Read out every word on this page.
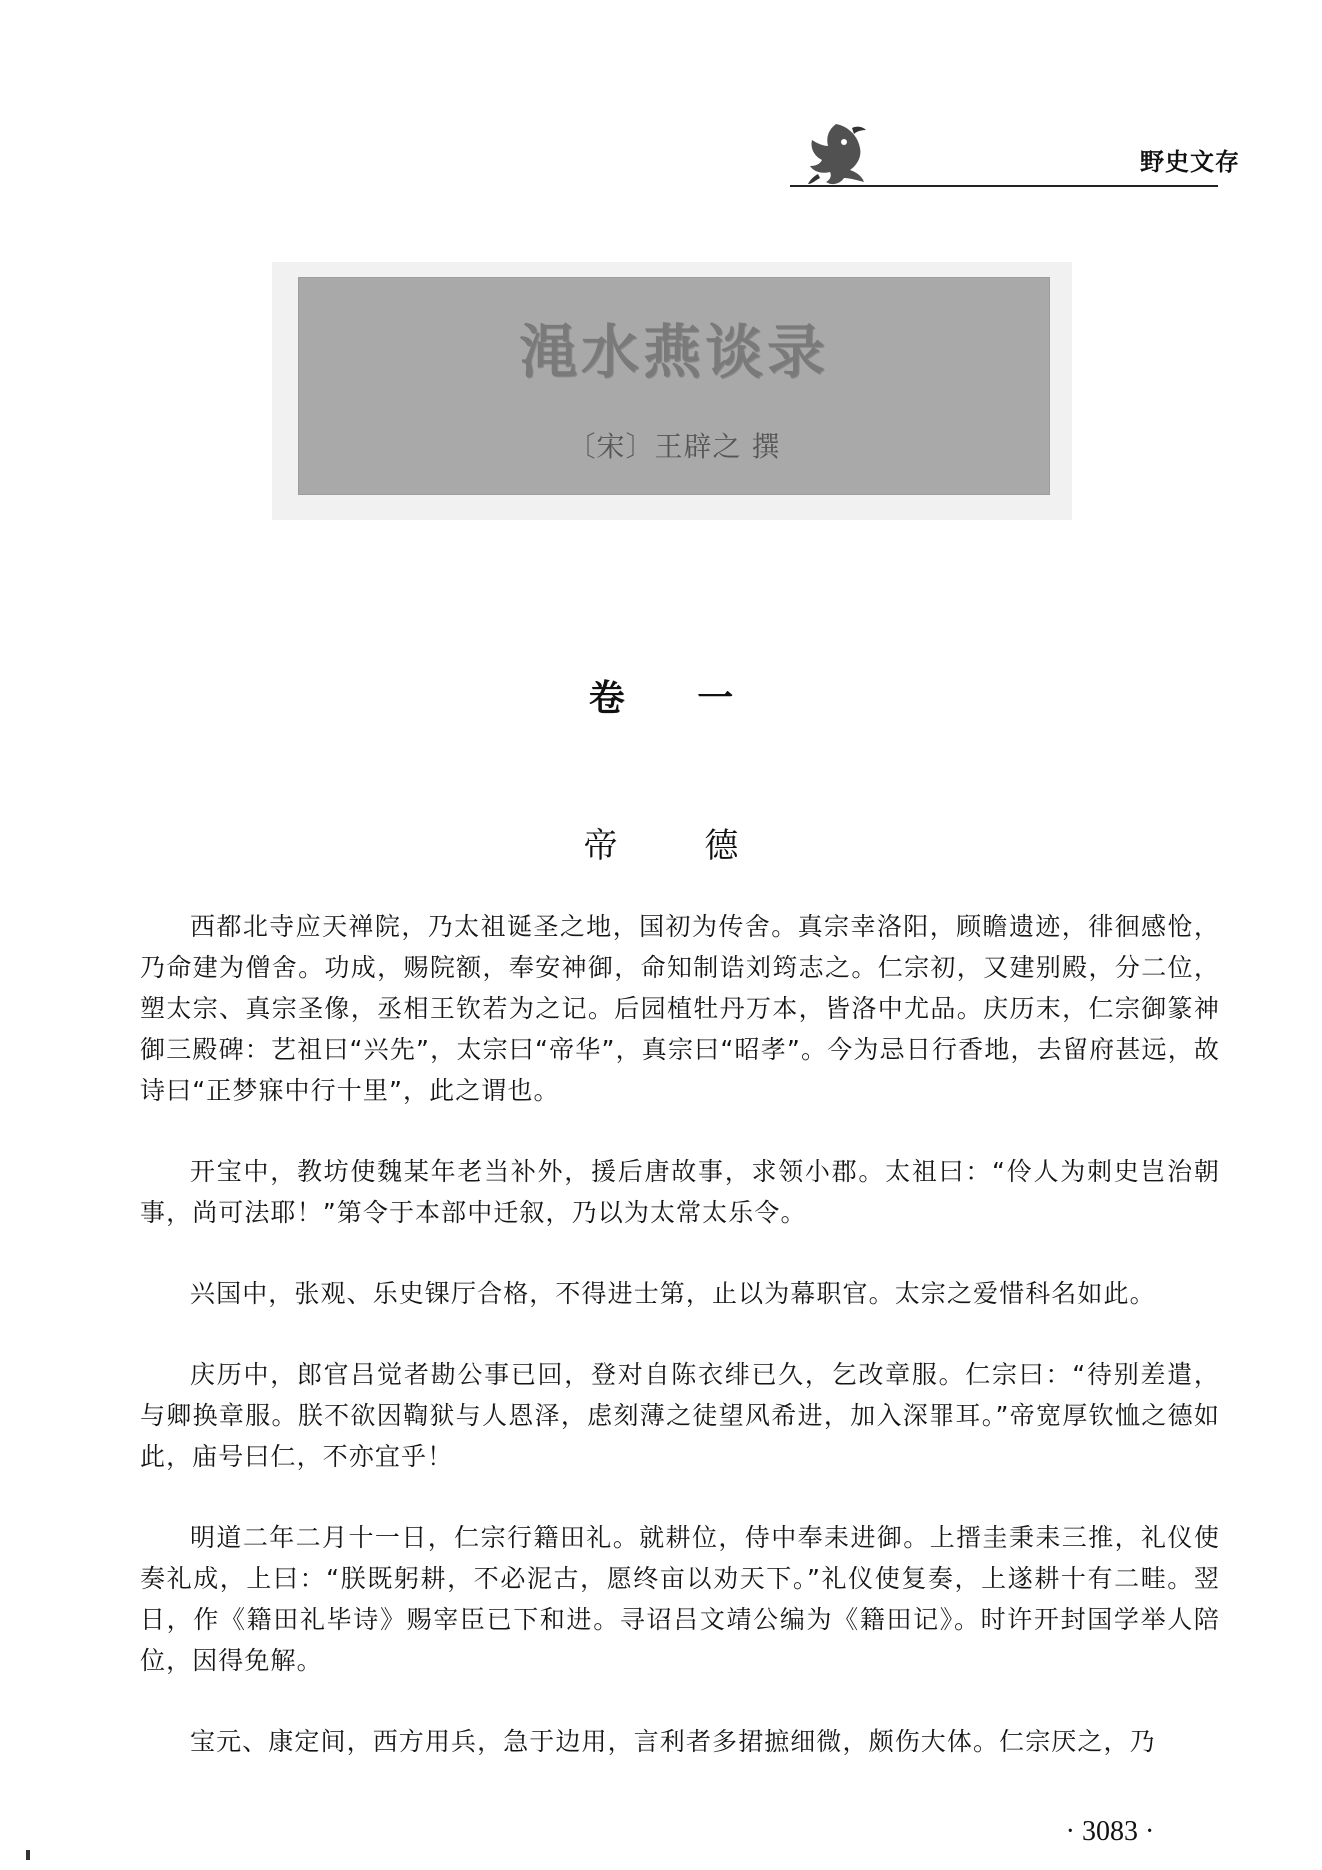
野史文存
渑水燕谈录
〔宋〕王辟之 撰
卷 一
帝 德

西都北寺应天禅院，乃太祖诞圣之地，国初为传舍。真宗幸洛阳，顾瞻遗迹，徘徊感怆，乃命建为僧舍。功成，赐院额，奉安神御，命知制诰刘筠志之。仁宗初，又建别殿，分二位，塑太宗、真宗圣像，丞相王钦若为之记。后园植牡丹万本，皆洛中尤品。庆历末，仁宗御篆神御三殿碑：艺祖曰“兴先”，太宗曰“帝华”，真宗曰“昭孝”。今为忌日行香地，去留府甚远，故诗曰“正梦寐中行十里”，此之谓也。

开宝中，教坊使魏某年老当补外，援后唐故事，求领小郡。太祖曰：“伶人为刺史岂治朝事，尚可法耶！”第令于本部中迁叙，乃以为太常太乐令。

兴国中，张观、乐史锞厅合格，不得进士第，止以为幕职官。太宗之爱惜科名如此。

庆历中，郎官吕觉者勘公事已回，登对自陈衣绯已久，乞改章服。仁宗曰：“待别差遣，与卿换章服。朕不欲因鞫狱与人恩泽，虑刻薄之徒望风希进，加入深罪耳。”帝宽厚钦恤之德如此，庙号曰仁，不亦宜乎！

明道二年二月十一日，仁宗行籍田礼。就耕位，侍中奉耒进御。上搢圭秉耒三推，礼仪使奏礼成，上曰：“朕既躬耕，不必泥古，愿终亩以劝天下。”礼仪使复奏，上遂耕十有二畦。翌日，作《籍田礼毕诗》赐宰臣已下和进。寻诏吕文靖公编为《籍田记》。时许开封国学举人陪位，因得免解。

宝元、康定间，西方用兵，急于边用，言利者多捃摭细微，颇伤大体。仁宗厌之，乃

· 3083 ·
